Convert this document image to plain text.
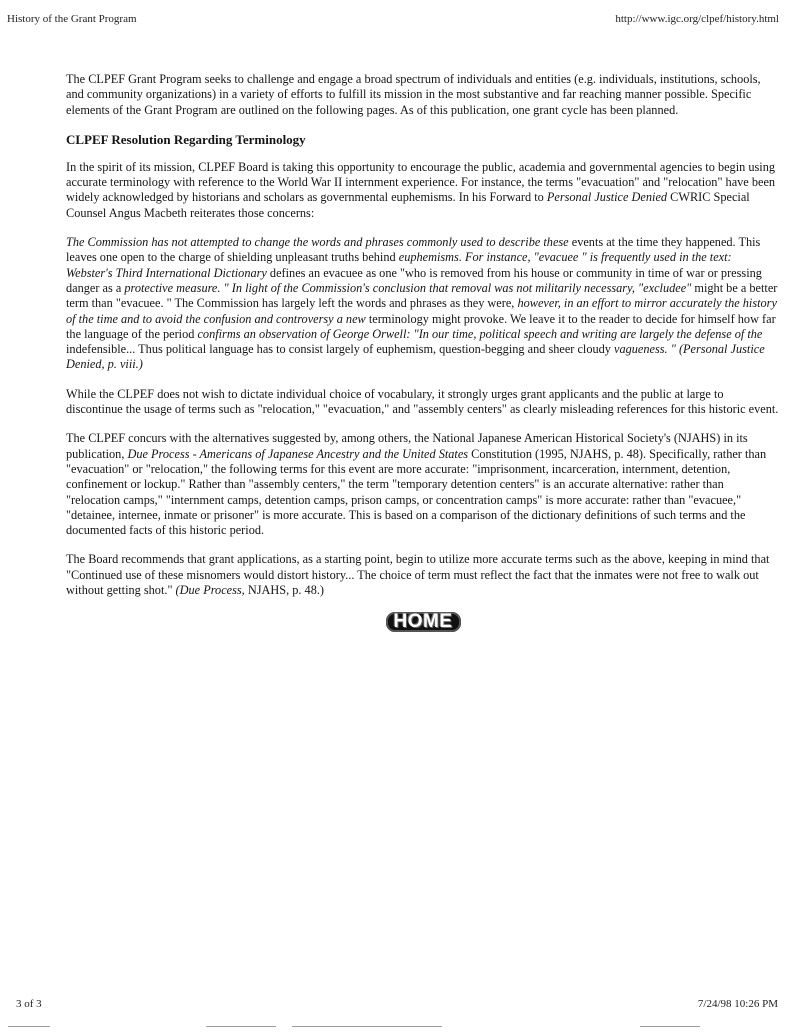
History of the Grant Program	http://www.igc.org/clpef/history.html

The CLPEF Grant Program seeks to challenge and engage a broad spectrum of individuals and entities (e.g. individuals, institutions, schools, and community organizations) in a variety of efforts to fulfill its mission in the most substantive and far reaching manner possible. Specific elements of the Grant Program are outlined on the following pages. As of this publication, one grant cycle has been planned.

CLPEF Resolution Regarding Terminology

In the spirit of its mission, CLPEF Board is taking this opportunity to encourage the public, academia and governmental agencies to begin using accurate terminology with reference to the World War II internment experience. For instance, the terms "evacuation" and "relocation" have been widely acknowledged by historians and scholars as governmental euphemisms. In his Forward to Personal Justice Denied CWRIC Special Counsel Angus Macbeth reiterates those concerns:

The Commission has not attempted to change the words and phrases commonly used to describe these events at the time they happened. This leaves one open to the charge of shielding unpleasant truths behind euphemisms. For instance, "evacuee " is frequently used in the text: Webster's Third International Dictionary defines an evacuee as one "who is removed from his house or community in time of war or pressing danger as a protective measure. " In light of the Commission's conclusion that removal was not militarily necessary, "excludee" might be a better term than "evacuee. " The Commission has largely left the words and phrases as they were, however, in an effort to mirror accurately the history of the time and to avoid the confusion and controversy a new terminology might provoke. We leave it to the reader to decide for himself how far the language of the period confirms an observation of George Orwell: "In our time, political speech and writing are largely the defense of the indefensible... Thus political language has to consist largely of euphemism, question-begging and sheer cloudy vagueness. " (Personal Justice Denied, p. viii.)

While the CLPEF does not wish to dictate individual choice of vocabulary, it strongly urges grant applicants and the public at large to discontinue the usage of terms such as "relocation," "evacuation," and "assembly centers" as clearly misleading references for this historic event.

The CLPEF concurs with the alternatives suggested by, among others, the National Japanese American Historical Society's (NJAHS) in its publication, Due Process - Americans of Japanese Ancestry and the United States Constitution (1995, NJAHS, p. 48). Specifically, rather than "evacuation" or "relocation," the following terms for this event are more accurate: "imprisonment, incarceration, internment, detention, confinement or lockup." Rather than "assembly centers," the term "temporary detention centers" is an accurate alternative: rather than "relocation camps," "internment camps, detention camps, prison camps, or concentration camps" is more accurate: rather than "evacuee," "detainee, internee, inmate or prisoner" is more accurate. This is based on a comparison of the dictionary definitions of such terms and the documented facts of this historic period.

The Board recommends that grant applications, as a starting point, begin to utilize more accurate terms such as the above, keeping in mind that "Continued use of these misnomers would distort history... The choice of term must reflect the fact that the inmates were not free to walk out without getting shot." (Due Process, NJAHS, p. 48.)

HOME
3 of 3	7/24/98 10:26 PM
